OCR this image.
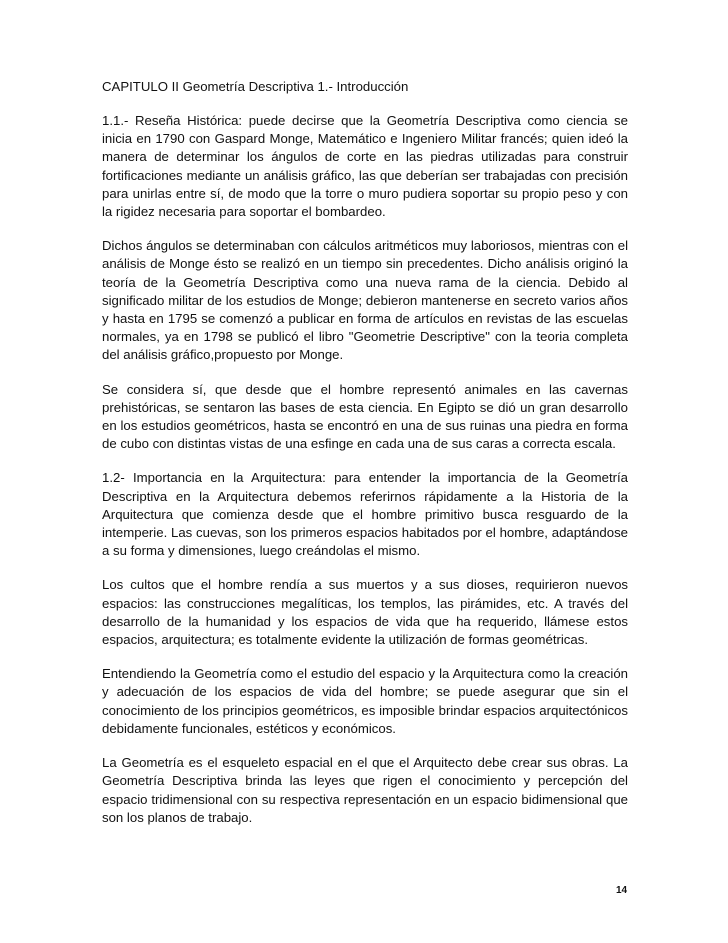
CAPITULO II Geometría Descriptiva 1.- Introducción

1.1.- Reseña Histórica: puede decirse que la Geometría Descriptiva como ciencia se inicia en 1790 con Gaspard Monge, Matemático e Ingeniero Militar francés; quien ideó la manera de determinar los ángulos de corte en las piedras utilizadas para construir fortificaciones mediante un análisis gráfico, las que deberían ser trabajadas con precisión para unirlas entre sí, de modo que la torre o muro pudiera soportar su propio peso y con la rigidez necesaria para soportar el bombardeo.

Dichos ángulos se determinaban con cálculos aritméticos muy laboriosos, mientras con el análisis de Monge ésto se realizó en un tiempo sin precedentes. Dicho análisis originó la teoría de la Geometría Descriptiva como una nueva rama de la ciencia. Debido al significado militar de los estudios de Monge; debieron mantenerse en secreto varios años y hasta en 1795 se comenzó a publicar en forma de artículos en revistas de las escuelas normales, ya en 1798 se publicó el libro "Geometrie Descriptive" con la teoria completa del análisis gráfico,propuesto por Monge.

Se considera sí, que desde que el hombre representó animales en las cavernas prehistóricas, se sentaron las bases de esta ciencia. En Egipto se dió un gran desarrollo en los estudios geométricos, hasta se encontró en una de sus ruinas una piedra en forma de cubo con distintas vistas de una esfinge en cada una de sus caras a correcta escala.

1.2- Importancia en la Arquitectura: para entender la importancia de la Geometría Descriptiva en la Arquitectura debemos referirnos rápidamente a la Historia de la Arquitectura que comienza desde que el hombre primitivo busca resguardo de la intemperie. Las cuevas, son los primeros espacios habitados por el hombre, adaptándose a su forma y dimensiones, luego creándolas el mismo.

Los cultos que el hombre rendía a sus muertos y a sus dioses, requirieron nuevos espacios: las construcciones megalíticas, los templos, las pirámides, etc. A través del desarrollo de la humanidad y los espacios de vida que ha requerido, llámese estos espacios, arquitectura; es totalmente evidente la utilización de formas geométricas.

Entendiendo la Geometría como el estudio del espacio y la Arquitectura como la creación y adecuación de los espacios de vida del hombre; se puede asegurar que sin el conocimiento de los principios geométricos, es imposible brindar espacios arquitectónicos debidamente funcionales, estéticos y económicos.

La Geometría es el esqueleto espacial en el que el Arquitecto debe crear sus obras. La Geometría Descriptiva brinda las leyes que rigen el conocimiento y percepción del espacio tridimensional con su respectiva representación en un espacio bidimensional que son los planos de trabajo.

14
